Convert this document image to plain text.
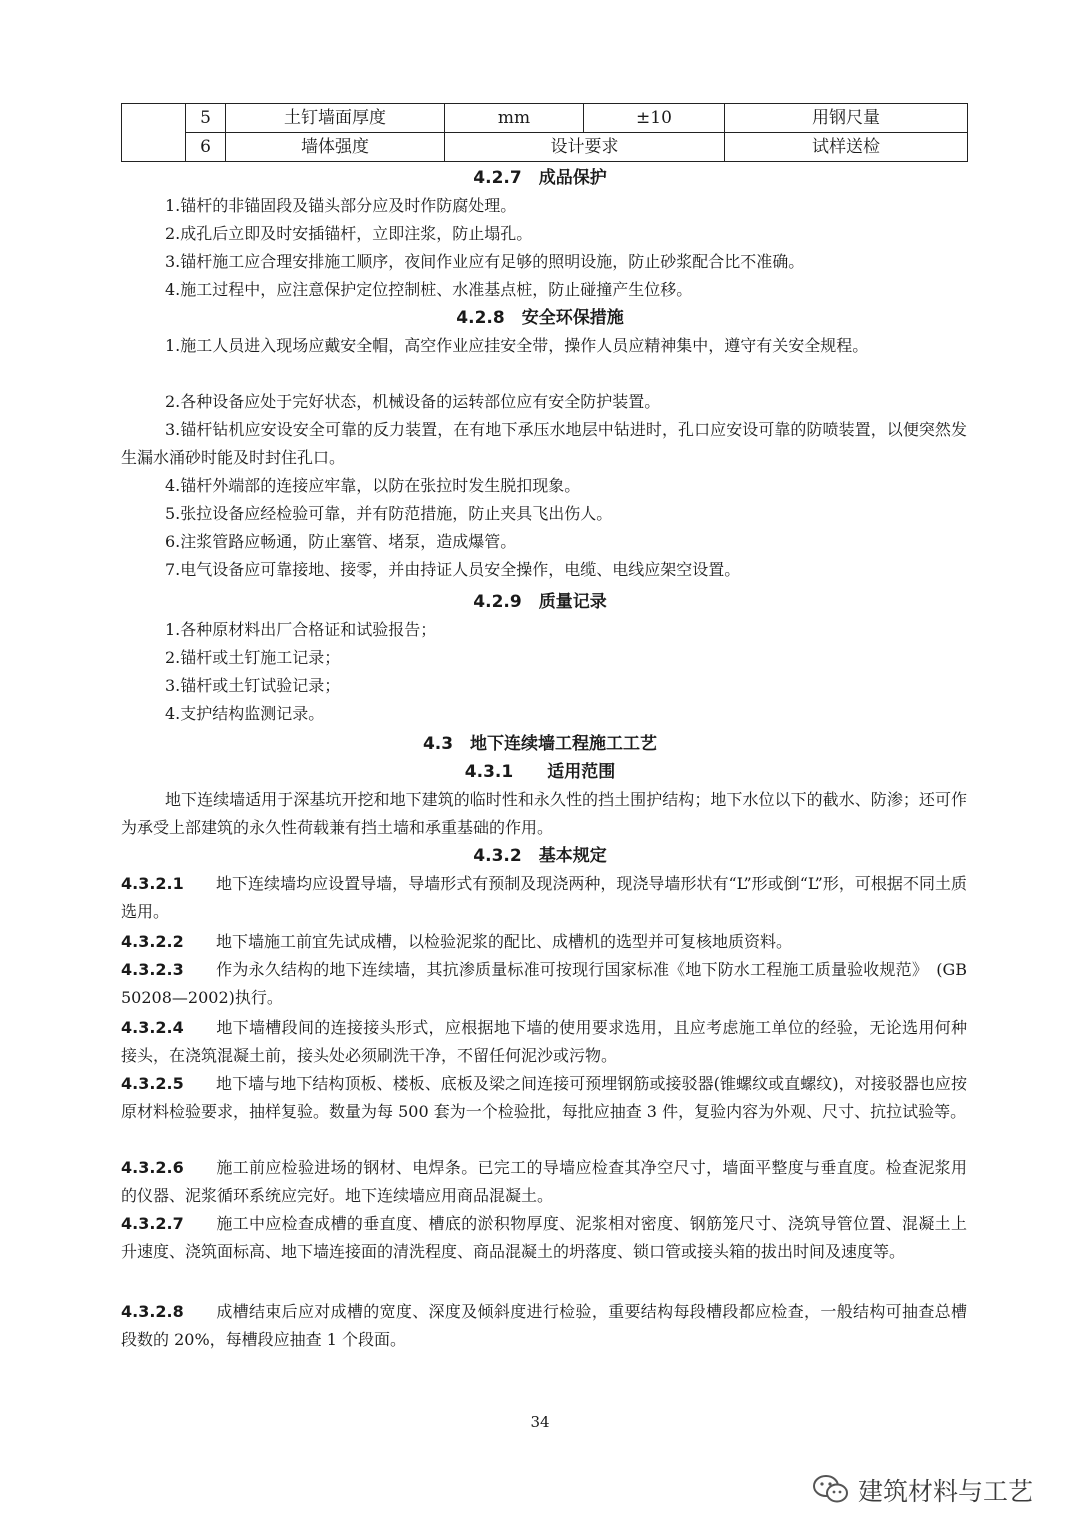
	5	土钉墙面厚度	mm	±10	用钢尺量
	6	墙体强度	设计要求		试样送检
4.2.7　成品保护
1.锚杆的非锚固段及锚头部分应及时作防腐处理。
2.成孔后立即及时安插锚杆，立即注浆，防止塌孔。
3.锚杆施工应合理安排施工顺序，夜间作业应有足够的照明设施，防止砂浆配合比不准确。
4.施工过程中，应注意保护定位控制桩、水准基点桩，防止碰撞产生位移。
4.2.8　安全环保措施
1.施工人员进入现场应戴安全帽，高空作业应挂安全带，操作人员应精神集中，遵守有关安全规程。
2.各种设备应处于完好状态，机械设备的运转部位应有安全防护装置。
3.锚杆钻机应安设安全可靠的反力装置，在有地下承压水地层中钻进时，孔口应安设可靠的防喷装置，以便突然发生漏水涌砂时能及时封住孔口。
4.锚杆外端部的连接应牢靠，以防在张拉时发生脱扣现象。
5.张拉设备应经检验可靠，并有防范措施，防止夹具飞出伤人。
6.注浆管路应畅通，防止塞管、堵泵，造成爆管。
7.电气设备应可靠接地、接零，并由持证人员安全操作，电缆、电线应架空设置。
4.2.9　质量记录
1.各种原材料出厂合格证和试验报告；
2.锚杆或土钉施工记录；
3.锚杆或土钉试验记录；
4.支护结构监测记录。
4.3　地下连续墙工程施工工艺
4.3.1　　适用范围
地下连续墙适用于深基坑开挖和地下建筑的临时性和永久性的挡土围护结构；地下水位以下的截水、防渗；还可作为承受上部建筑的永久性荷载兼有挡土墙和承重基础的作用。
4.3.2　基本规定
4.3.2.1 地下连续墙均应设置导墙，导墙形式有预制及现浇两种，现浇导墙形状有“L”形或倒“L”形，可根据不同土质选用。
4.3.2.2 地下墙施工前宜先试成槽，以检验泥浆的配比、成槽机的选型并可复核地质资料。
4.3.2.3 作为永久结构的地下连续墙，其抗渗质量标准可按现行国家标准《地下防水工程施工质量验收规范》　(GB 50208—2002)执行。
4.3.2.4 地下墙槽段间的连接接头形式，应根据地下墙的使用要求选用，且应考虑施工单位的经验，无论选用何种接头，在浇筑混凝土前，接头处必须刷洗干净，不留任何泥沙或污物。
4.3.2.5 地下墙与地下结构顶板、楼板、底板及梁之间连接可预埋钢筋或接驳器(锥螺纹或直螺纹)，对接驳器也应按原材料检验要求，抽样复验。数量为每 500 套为一个检验批，每批应抽查 3 件，复验内容为外观、尺寸、抗拉试验等。
4.3.2.6 施工前应检验进场的钢材、电焊条。已完工的导墙应检查其净空尺寸，墙面平整度与垂直度。检查泥浆用的仪器、泥浆循环系统应完好。地下连续墙应用商品混凝土。
4.3.2.7 施工中应检查成槽的垂直度、槽底的淤积物厚度、泥浆相对密度、钢筋笼尺寸、浇筑导管位置、混凝土上升速度、浇筑面标高、地下墙连接面的清洗程度、商品混凝土的坍落度、锁口管或接头箱的拔出时间及速度等。
4.3.2.8 成槽结束后应对成槽的宽度、深度及倾斜度进行检验，重要结构每段槽段都应检查，一般结构可抽查总槽段数的 20%，每槽段应抽查 1 个段面。
34
建筑材料与工艺
